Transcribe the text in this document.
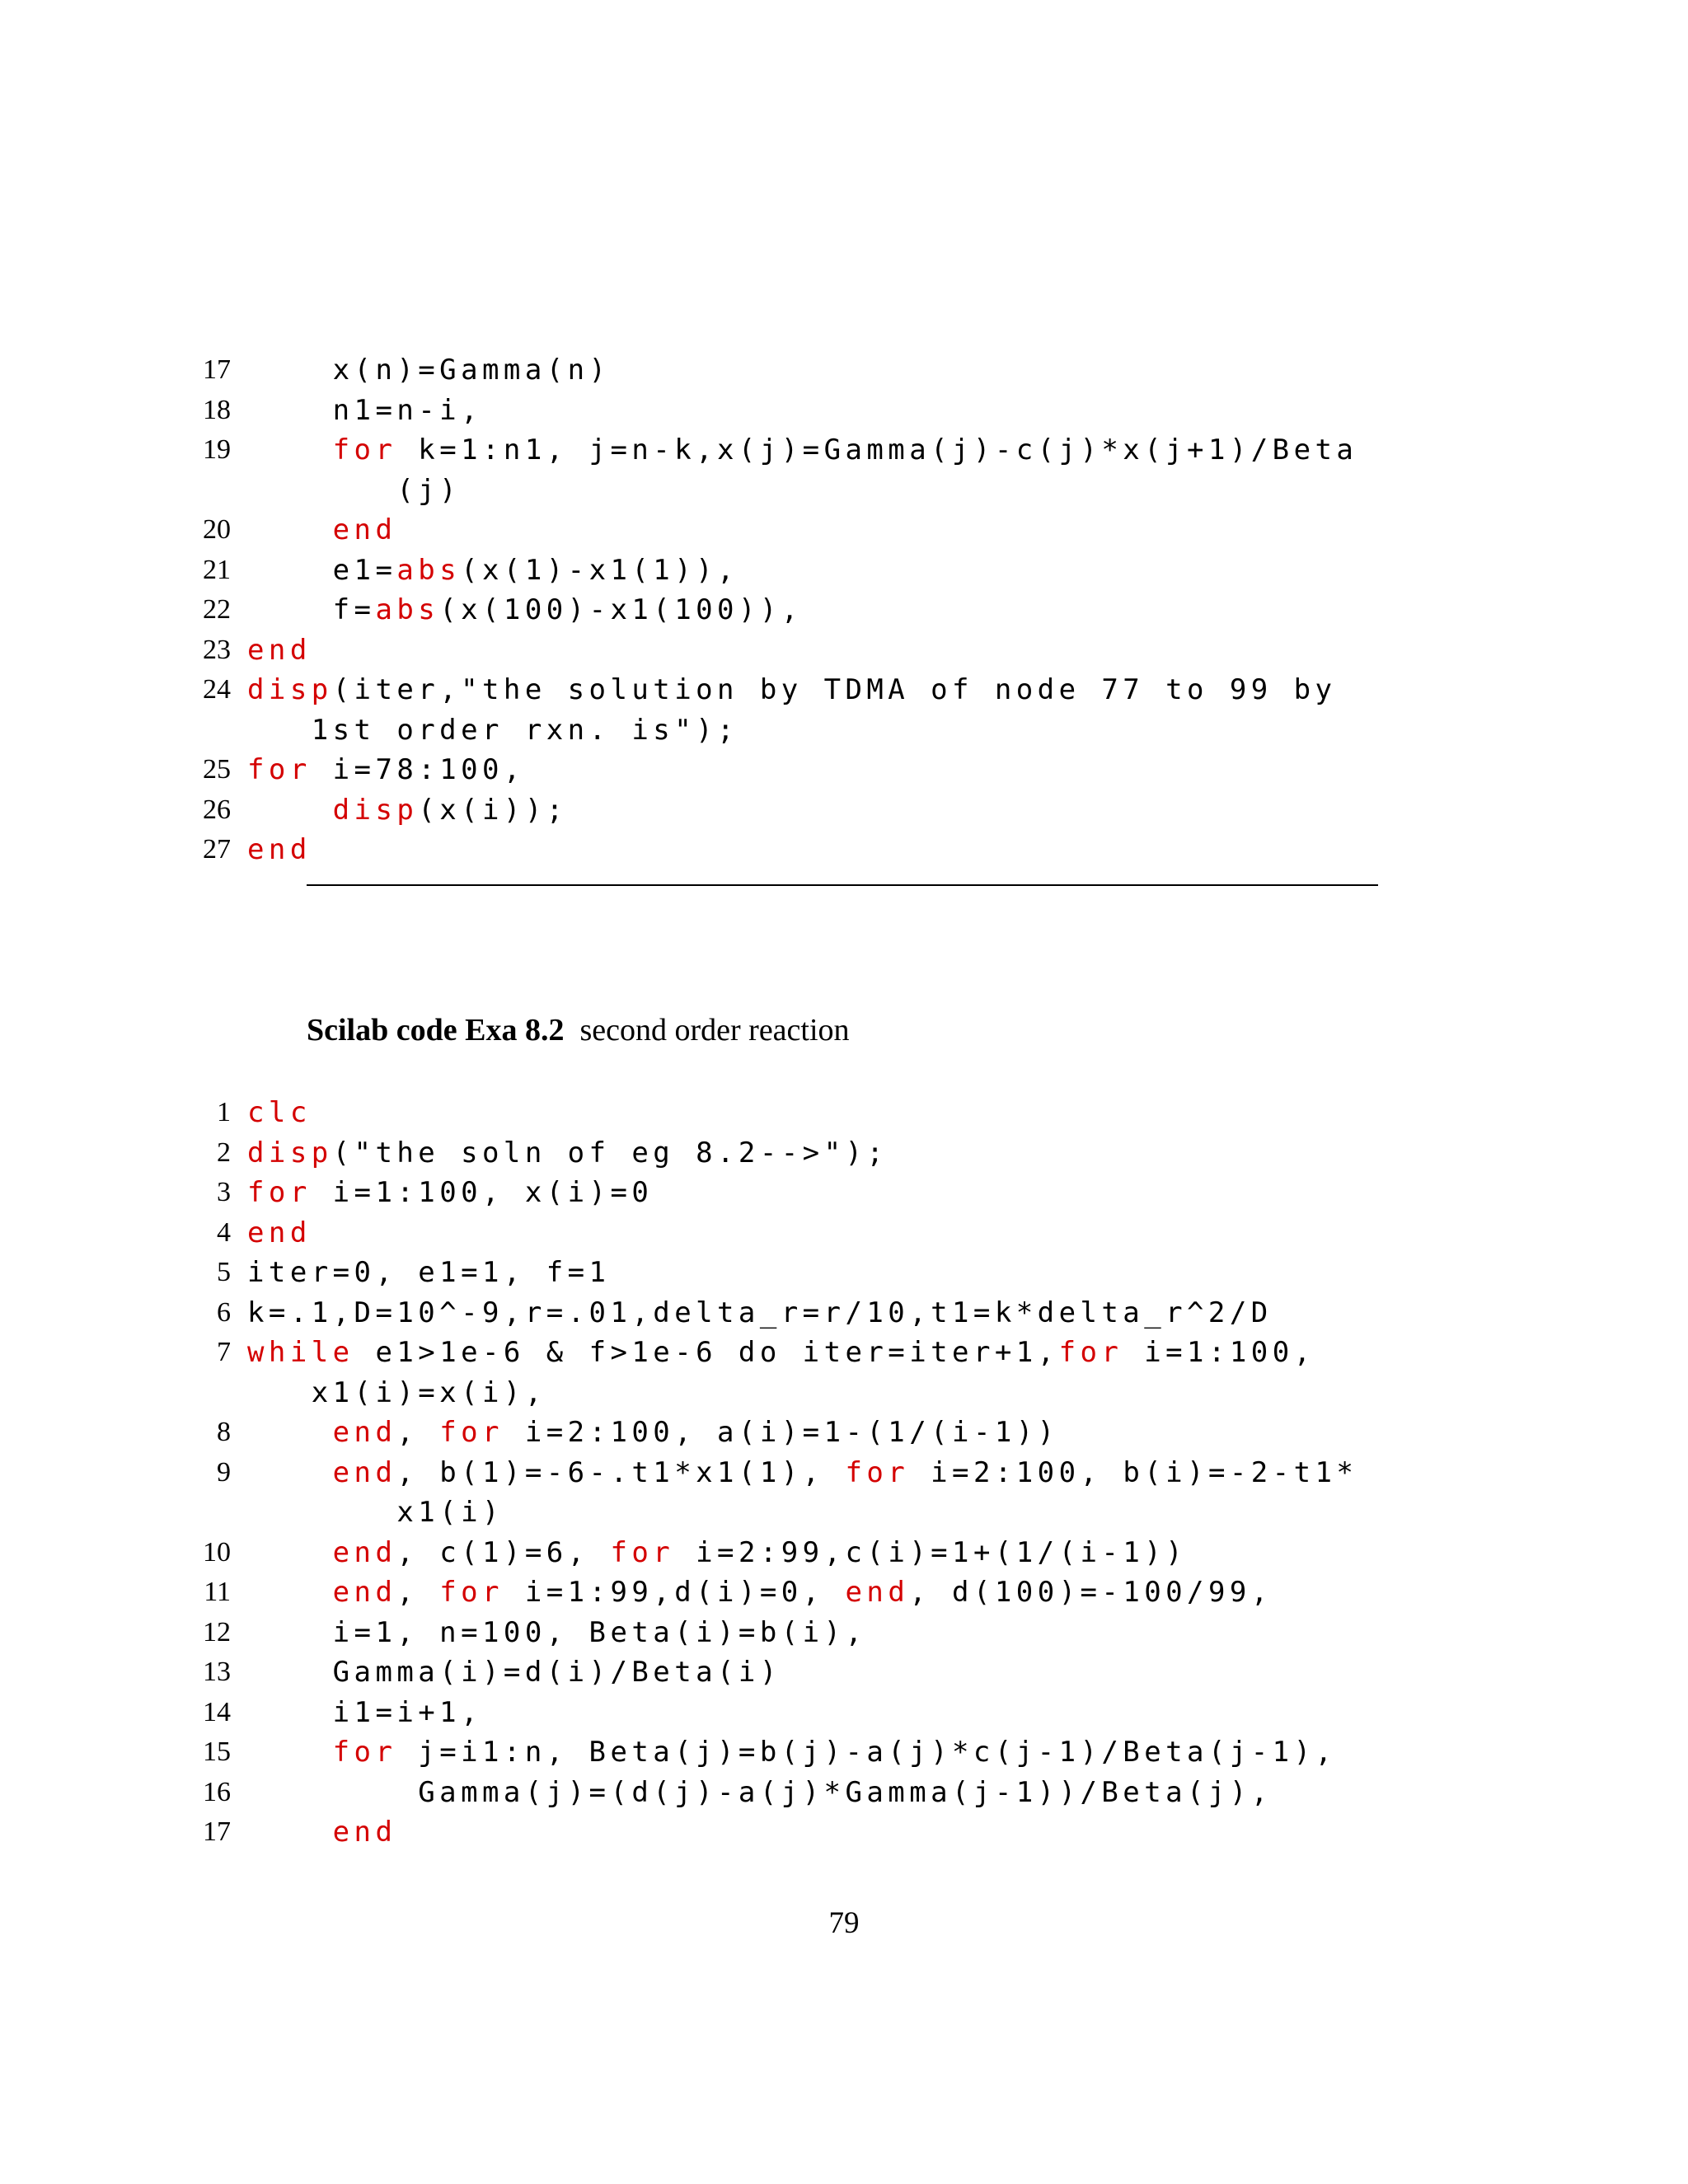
17 x(n)=Gamma(n)
18 n1=n-i,
19	for k=1:n1, j=n-k,x(j)=Gamma(j)-c(j)*x(j+1)/Beta
(j)
20	end
21 e1=abs(x(1)-x1(1)),
22 f=abs(x(100)-x1(100)),
23 end
24 disp(iter,"the solution by TDMA of node 77 to 99 by
1st order rxn. is");
25 for i=78:100,
26	disp(x(i));
27 end
Scilab code Exa 8.2 second order reaction
1 clc
2 disp("the soln of eg 8.2-->");
3 for i=1:100, x(i)=0
4 end
5 iter=0, e1=1, f=1
6 k=.1,D=10^-9,r=.01,delta_r=r/10,t1=k*delta_r^2/D
7 while e1>1e-6 & f>1e-6 do iter=iter+1,for i=1:100,
x1(i)=x(i),
8	end, for i=2:100, a(i)=1-(1/(i-1))
9	end, b(1)=-6-.t1*x1(1), for i=2:100, b(i)=-2-t1*
x1(i)
10	end, c(1)=6, for i=2:99,c(i)=1+(1/(i-1))
11	end, for i=1:99,d(i)=0, end, d(100)=-100/99,
12 i=1, n=100, Beta(i)=b(i),
13 Gamma(i)=d(i)/Beta(i)
14 i1=i+1,
15	for j=i1:n, Beta(j)=b(j)-a(j)*c(j-1)/Beta(j-1),
16 Gamma(j)=(d(j)-a(j)*Gamma(j-1))/Beta(j),
17	end
79
